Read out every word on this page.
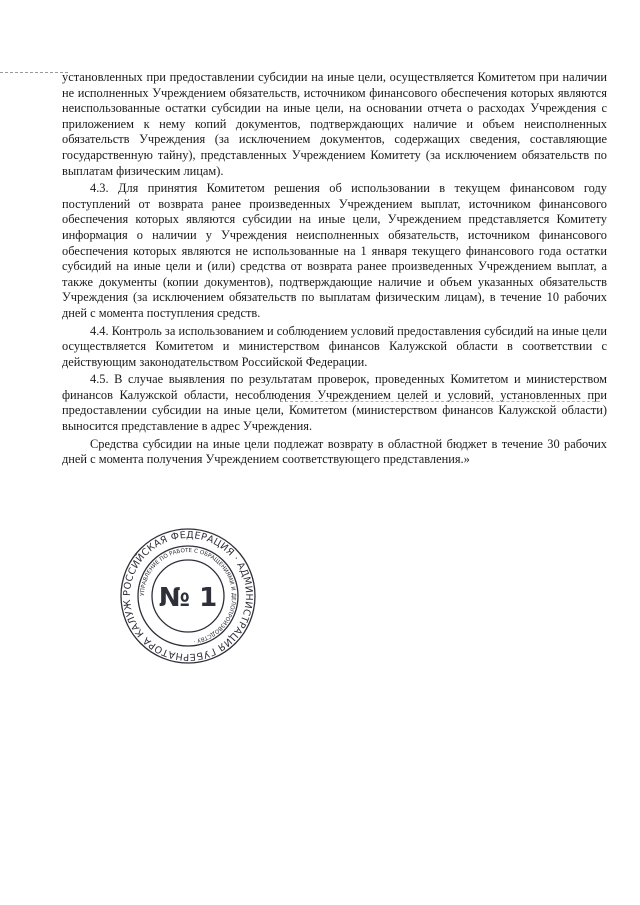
установленных при предоставлении субсидии на иные цели, осуществляется Комитетом при наличии не исполненных Учреждением обязательств, источником финансового обеспечения которых являются неиспользованные остатки субсидии на иные цели, на основании отчета о расходах Учреждения с приложением к нему копий документов, подтверждающих наличие и объем неисполненных обязательств Учреждения (за исключением документов, содержащих сведения, составляющие государственную тайну), представленных Учреждением Комитету (за исключением обязательств по выплатам физическим лицам).

4.3. Для принятия Комитетом решения об использовании в текущем финансовом году поступлений от возврата ранее произведенных Учреждением выплат, источником финансового обеспечения которых являются субсидии на иные цели, Учреждением представляется Комитету информация о наличии у Учреждения неисполненных обязательств, источником финансового обеспечения которых являются не использованные на 1 января текущего финансового года остатки субсидий на иные цели и (или) средства от возврата ранее произведенных Учреждением выплат, а также документы (копии документов), подтверждающие наличие и объем указанных обязательств Учреждения (за исключением обязательств по выплатам физическим лицам), в течение 10 рабочих дней с момента поступления средств.

4.4. Контроль за использованием и соблюдением условий предоставления субсидий на иные цели осуществляется Комитетом и министерством финансов Калужской области в соответствии с действующим законодательством Российской Федерации.

4.5. В случае выявления по результатам проверок, проведенных Комитетом и министерством финансов Калужской области, несоблюдения Учреждением целей и условий, установленных при предоставлении субсидии на иные цели, Комитетом (министерством финансов Калужской области) выносится представление в адрес Учреждения.

Средства субсидии на иные цели подлежат возврату в областной бюджет в течение 30 рабочих дней с момента получения Учреждением соответствующего представления.»

РОССИЙСКАЯ ФЕДЕРАЦИЯ · АДМИНИСТРАЦИЯ ГУБЕРНАТОРА КАЛУЖ
УПРАВЛЕНИЕ ПО РАБОТЕ С ОБРАЩЕНИЯМИ И ДЕЛОПРОИЗВОДСТВУ ·
№ 1
